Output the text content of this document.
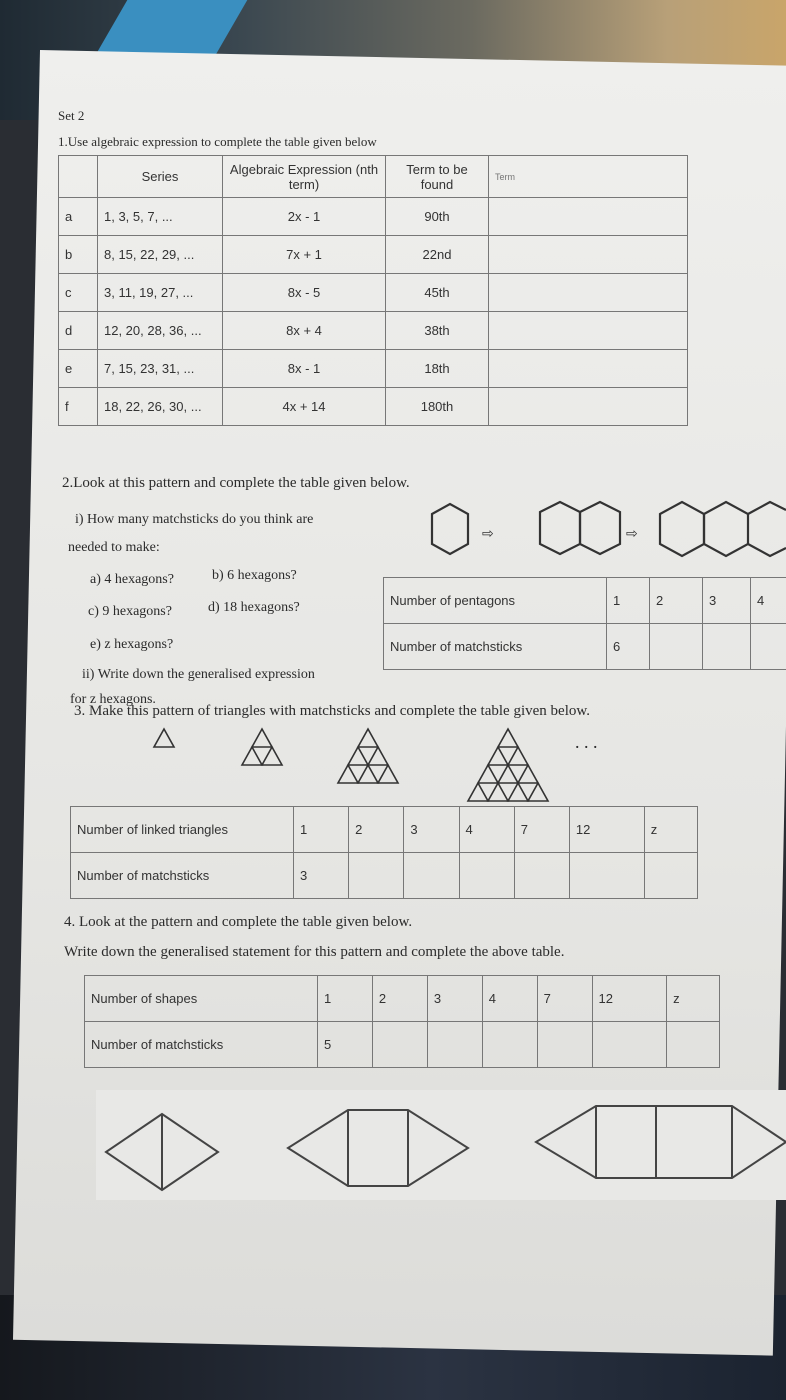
Set 2
1.Use algebraic expression to complete the table given below
	Series	Algebraic Expression (nth term)	Term to be found	Term
a	1, 3, 5, 7, ...	2x - 1	90th	
b	8, 15, 22, 29, ...	7x + 1	22nd	
c	3, 11, 19, 27, ...	8x - 5	45th	
d	12, 20, 28, 36, ...	8x + 4	38th	
e	7, 15, 23, 31, ...	8x - 1	18th	
f	18, 22, 26, 30, ...	4x + 14	180th	
2.Look at this pattern and complete the table given below.
i) How many matchsticks do you think are
needed to make:
a) 4 hexagons?	b) 6 hexagons?
c) 9 hexagons?	d) 18 hexagons?
e) z hexagons?
ii) Write down the generalised expression
for z hexagons.
⇨	⇨
Number of pentagons	1	2	3	4
Number of matchsticks	6			
3. Make this pattern of triangles with matchsticks and complete the table given below.
. . .
Number of linked triangles	1	2	3	4	7	12	z
Number of matchsticks	3						
4. Look at the pattern and complete the table given below.
Write down the generalised statement for this pattern and complete the above table.
Number of shapes	1	2	3	4	7	12	z
Number of matchsticks	5						
